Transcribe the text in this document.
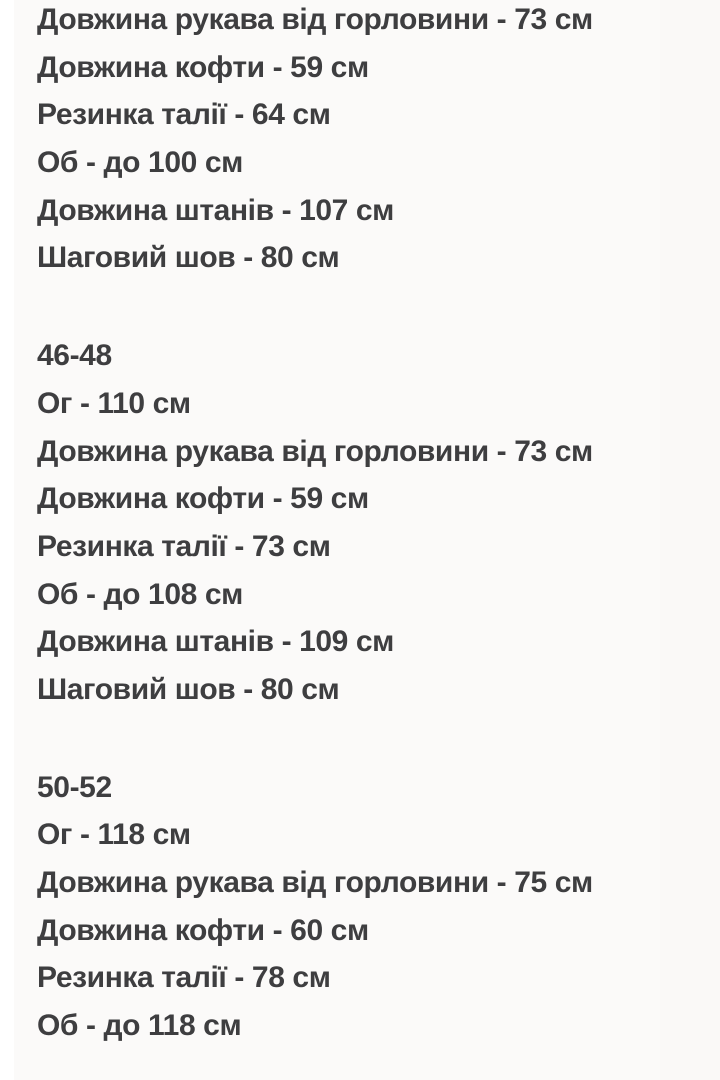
Довжина рукава від горловини - 73 см
Довжина кофти - 59 см
Резинка талії - 64 см
Об - до 100 см
Довжина штанів - 107 см
Шаговий шов - 80 см
46-48
Ог - 110 см
Довжина рукава від горловини - 73 см
Довжина кофти - 59 см
Резинка талії - 73 см
Об - до 108 см
Довжина штанів - 109 см
Шаговий шов - 80 см
50-52
Ог - 118 см
Довжина рукава від горловини - 75 см
Довжина кофти - 60 см
Резинка талії - 78 см
Об - до 118 см
